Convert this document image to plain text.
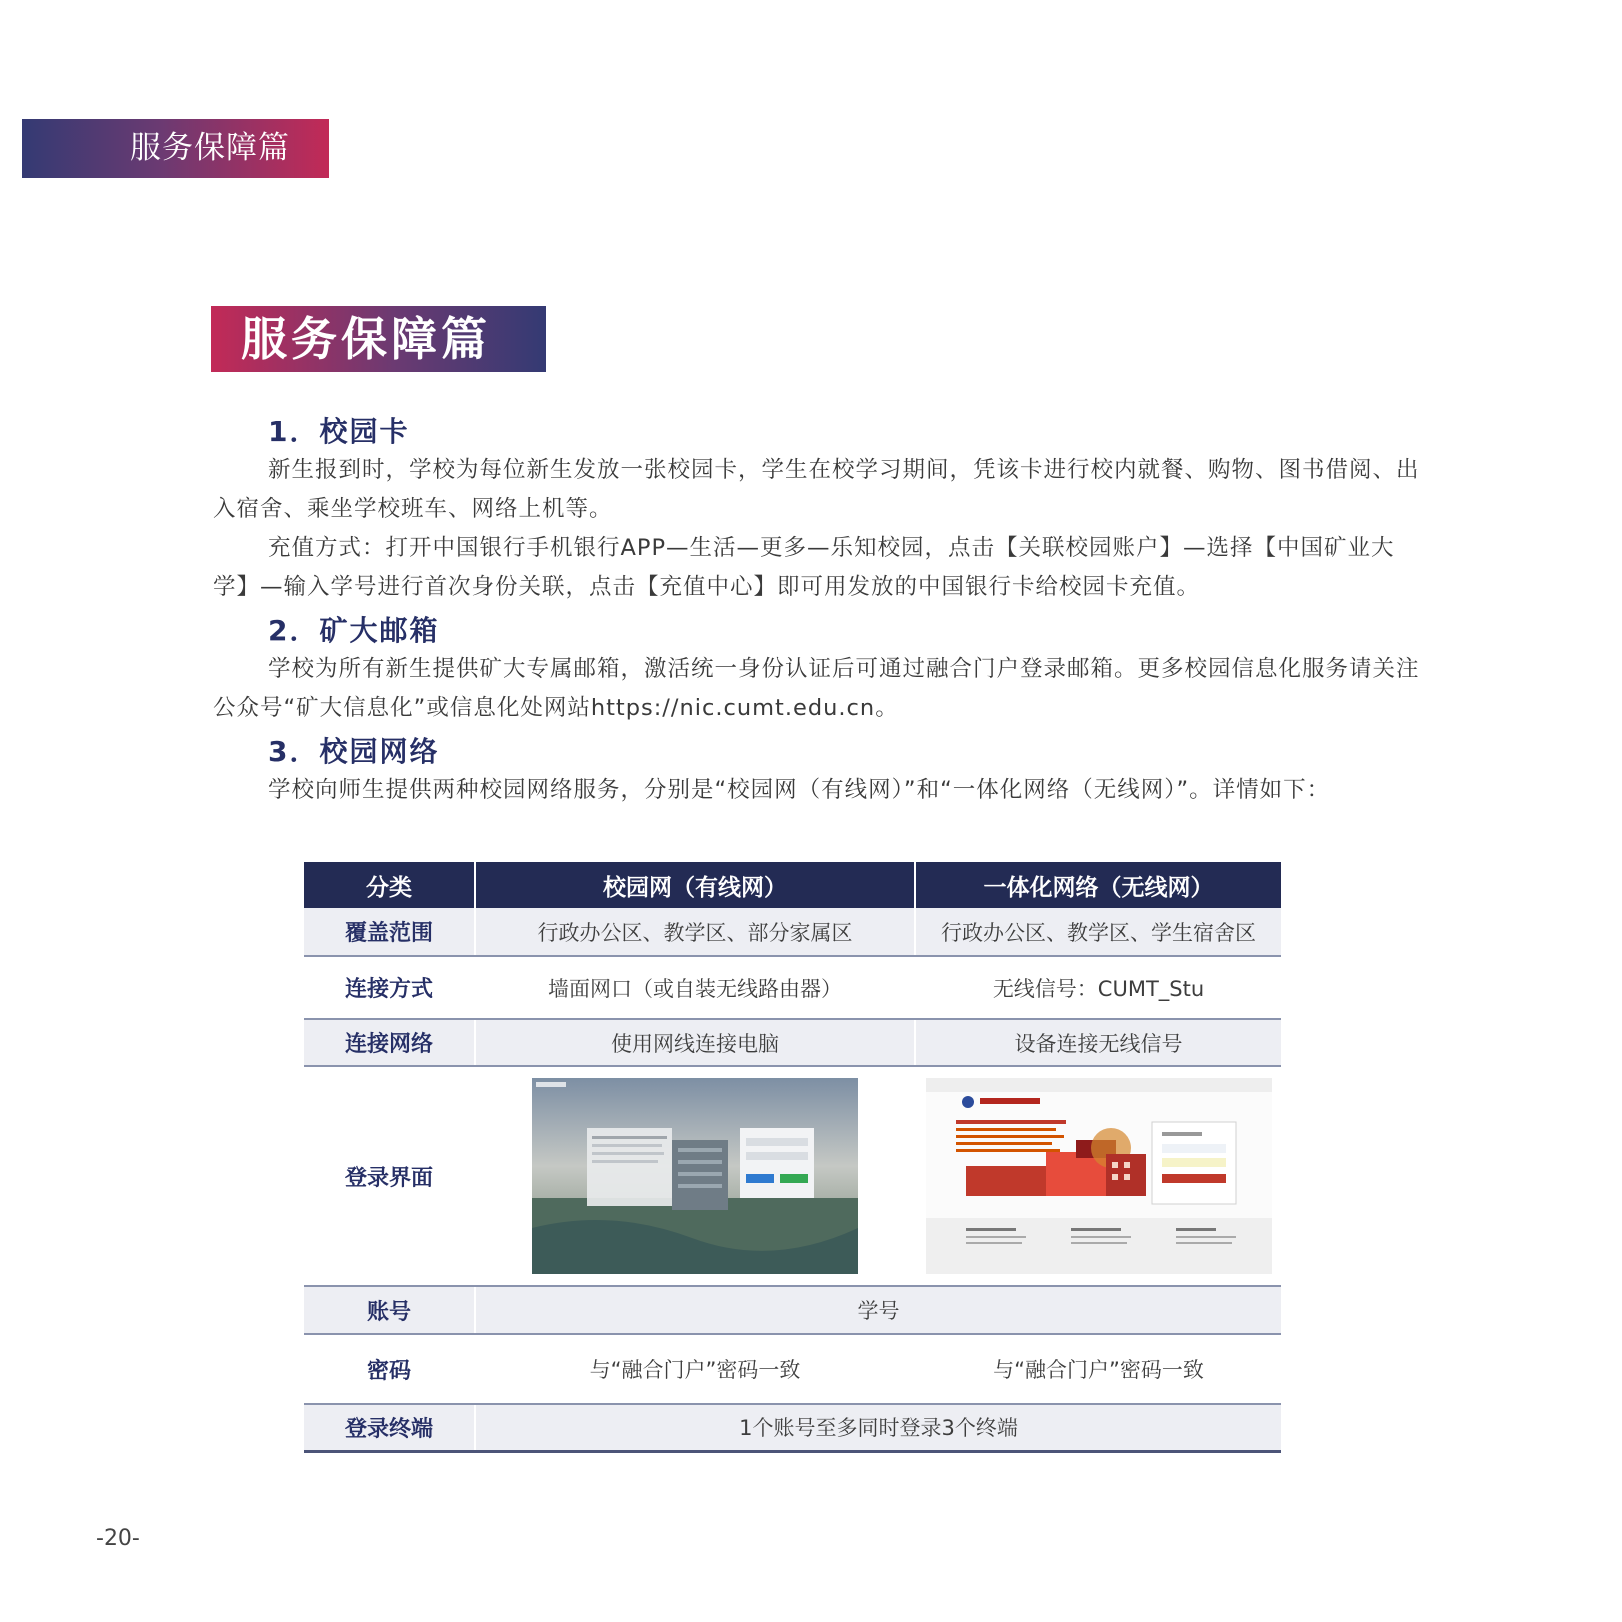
服务保障篇
服务保障篇
1．校园卡

新生报到时，学校为每位新生发放一张校园卡，学生在校学习期间，凭该卡进行校内就餐、购物、图书借阅、出入宿舍、乘坐学校班车、网络上机等。

充值方式：打开中国银行手机银行APP—生活—更多—乐知校园，点击【关联校园账户】—选择【中国矿业大学】—输入学号进行首次身份关联，点击【充值中心】即可用发放的中国银行卡给校园卡充值。

2．矿大邮箱

学校为所有新生提供矿大专属邮箱，激活统一身份认证后可通过融合门户登录邮箱。更多校园信息化服务请关注公众号“矿大信息化”或信息化处网站https://nic.cumt.edu.cn。

3．校园网络

学校向师生提供两种校园网络服务，分别是“校园网（有线网）”和“一体化网络（无线网）”。详情如下：

分类	校园网（有线网）	一体化网络（无线网）
覆盖范围	行政办公区、教学区、部分家属区	行政办公区、教学区、学生宿舍区
连接方式	墙面网口（或自装无线路由器）	无线信号：CUMT_Stu
连接网络	使用网线连接电脑	设备连接无线信号
登录界面	

账号	学号	
密码	与“融合门户”密码一致	与“融合门户”密码一致
登录终端	1个账号至多同时登录3个终端	
-20-
